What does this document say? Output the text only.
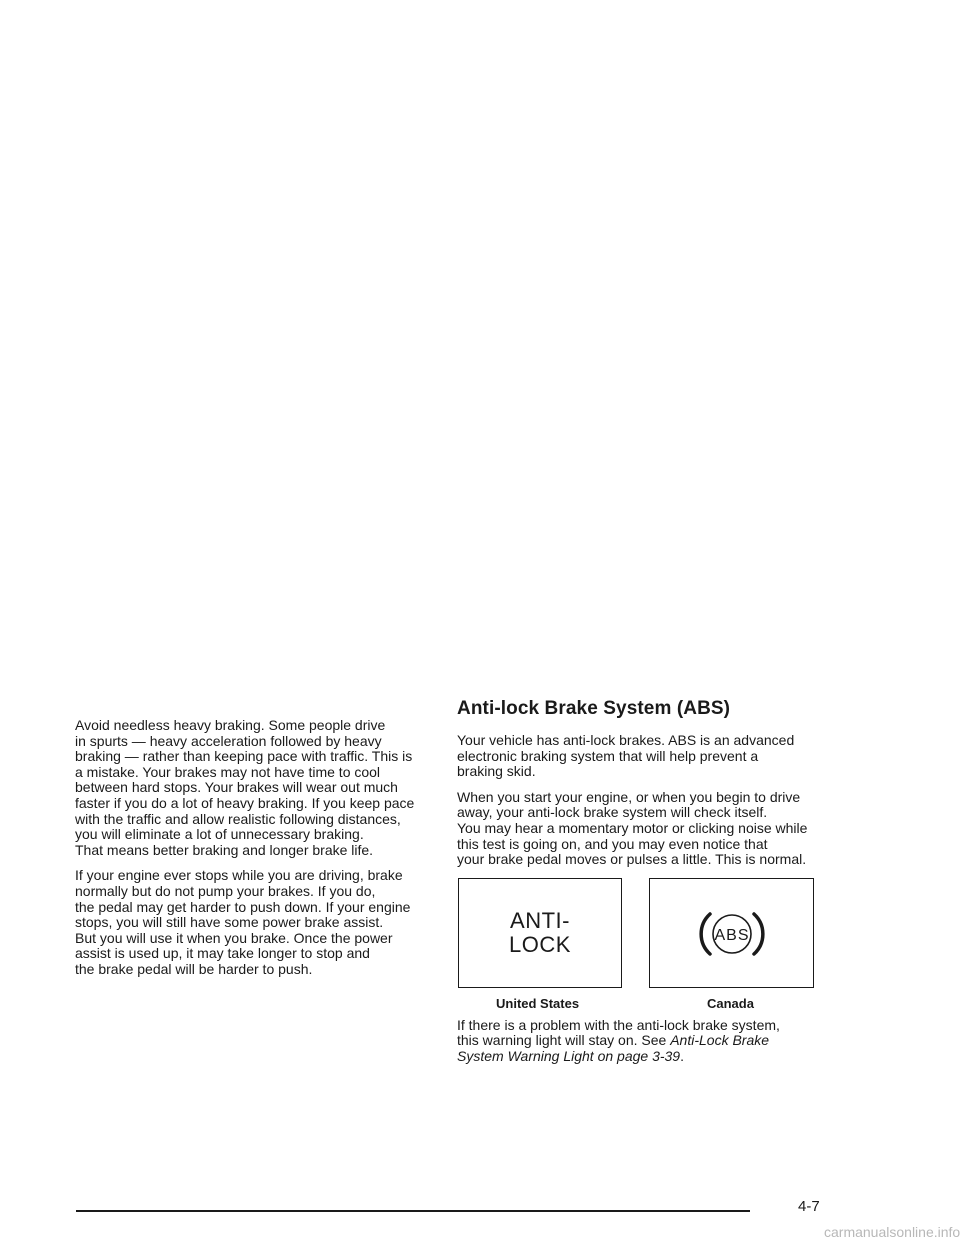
Avoid needless heavy braking. Some people drive
in spurts — heavy acceleration followed by heavy
braking — rather than keeping pace with traffic. This is
a mistake. Your brakes may not have time to cool
between hard stops. Your brakes will wear out much
faster if you do a lot of heavy braking. If you keep pace
with the traffic and allow realistic following distances,
you will eliminate a lot of unnecessary braking.
That means better braking and longer brake life.

If your engine ever stops while you are driving, brake
normally but do not pump your brakes. If you do,
the pedal may get harder to push down. If your engine
stops, you will still have some power brake assist.
But you will use it when you brake. Once the power
assist is used up, it may take longer to stop and
the brake pedal will be harder to push.

Anti-lock Brake System (ABS)

Your vehicle has anti-lock brakes. ABS is an advanced
electronic braking system that will help prevent a
braking skid.

When you start your engine, or when you begin to drive
away, your anti-lock brake system will check itself.
You may hear a momentary motor or clicking noise while
this test is going on, and you may even notice that
your brake pedal moves or pulses a little. This is normal.

ANTI-
LOCK	ABS
United States	Canada

If there is a problem with the anti-lock brake system,
this warning light will stay on. See Anti-Lock Brake
System Warning Light on page 3-39.

4-7
carmanualsonline.info
